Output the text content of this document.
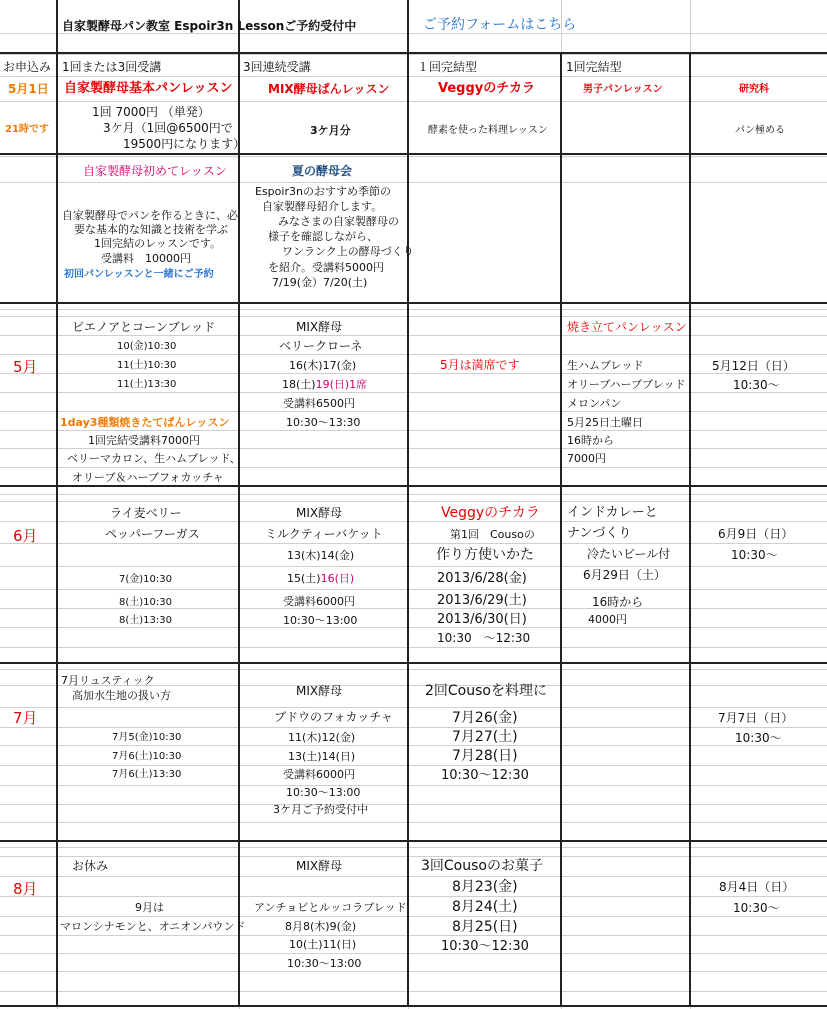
自家製酵母パン教室 Espoir3n Lessonご予約受付中	ご予約フォームはこちら
お申込み
5月1日
21時です
1回または3回受講
自家製酵母基本パンレッスン
1回 7000円 （単発）
3ケ月（1回@6500円で
19500円になります）
3回連続受講
MIX酵母ぱんレッスン
3ケ月分
１回完結型
Veggyのチカラ
酵素を使った料理レッスン
1回完結型
男子パンレッスン	研究科
パン極める
自家製酵母初めてレッスン
自家製酵母でパンを作るときに、必
要な基本的な知識と技術を学ぶ
1回完結のレッスンです。
受講料　10000円
初回パンレッスンと一緒にご予約
夏の酵母会
Espoir3nのおすすめ季節の
自家製酵母紹介します。
みなさまの自家製酵母の
様子を確認しながら、
ワンランク上の酵母づくり
を紹介。受講料5000円
7/19(金）7/20(土)
5月
ピエノアとコーンブレッド
10(金)10:30
11(土)10:30
11(土)13:30
1day3種類焼きたてぱんレッスン
1回完結受講料7000円
ベリーマカロン、生ハムブレッド、
オリーブ＆ハーブフォカッチャ
MIX酵母
ベリークローネ
16(木)17(金)
18(土)19(日)1席
受講料6500円
10:30～13:30
5月は満席です
焼き立てパンレッスン
生ハムブレッド
オリーブハーブブレッド
メロンパン
5月25日土曜日
16時から
7000円
5月12日（日）
10:30～
6月
ライ麦ベリー
ペッパーフーガス
7(金)10:30
8(土)10:30
8(土)13:30
MIX酵母
ミルクティーバケット
13(木)14(金)
15(土)16(日)
受講料6000円
10:30～13:00
Veggyのチカラ
第1回　Cousoの
作り方使いかた
2013/6/28(金)
2013/6/29(土)
2013/6/30(日)
10:30　～12:30
インドカレーと
ナンづくり
冷たいビール付
6月29日（土）
16時から
4000円
6月9日（日）
10:30～
7月
7月リュスティック
高加水生地の扱い方
7月5(金)10:30
7月6(土)10:30
7月6(土)13:30
MIX酵母
ブドウのフォカッチャ
11(木)12(金)
13(土)14(日)
受講料6000円
10:30～13:00
3ケ月ご予約受付中
2回Cousoを料理に
7月26(金)
7月27(土)
7月28(日)
10:30～12:30
7月7日（日）
10:30～
8月
お休み
9月は
マロンシナモンと、オニオンパウンド
MIX酵母
アンチョビとルッコラブレッド
8月8(木)9(金)
10(土)11(日)
10:30～13:00
3回Cousoのお菓子
8月23(金)
8月24(土)
8月25(日)
10:30～12:30
8月4日（日）
10:30～
